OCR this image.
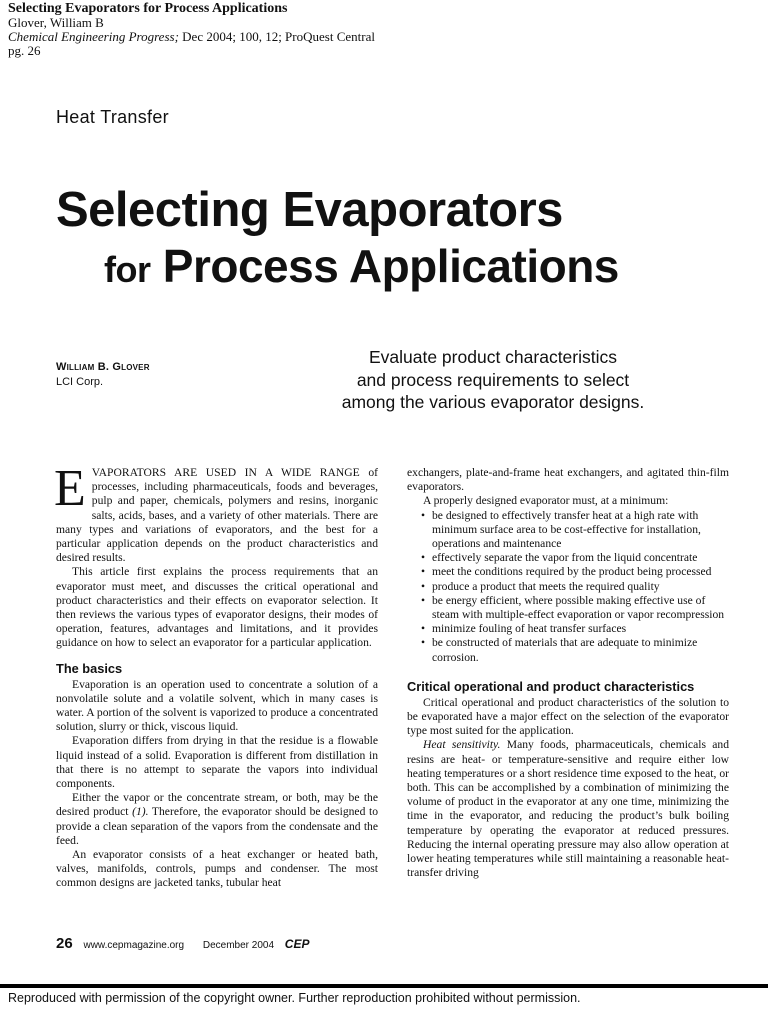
Selecting Evaporators for Process Applications
Glover, William B
Chemical Engineering Progress; Dec 2004; 100, 12; ProQuest Central
pg. 26
Heat Transfer
Selecting Evaporators
for Process Applications
William B. Glover
LCI Corp.
Evaluate product characteristics
and process requirements to select
among the various evaporator designs.

EVAPORATORS ARE USED IN A WIDE RANGE of processes, including pharmaceuticals, foods and beverages, pulp and paper, chemicals, polymers and resins, inorganic salts, acids, bases, and a variety of other materials. There are many types and variations of evaporators, and the best for a particular application depends on the product characteristics and desired results.

This article first explains the process requirements that an evaporator must meet, and discusses the critical operational and product characteristics and their effects on evaporator selection. It then reviews the various types of evaporator designs, their modes of operation, features, advantages and limitations, and it provides guidance on how to select an evaporator for a particular application.

The basics

Evaporation is an operation used to concentrate a solution of a nonvolatile solute and a volatile solvent, which in many cases is water. A portion of the solvent is vaporized to produce a concentrated solution, slurry or thick, viscous liquid.

Evaporation differs from drying in that the residue is a flowable liquid instead of a solid. Evaporation is different from distillation in that there is no attempt to separate the vapors into individual components.

Either the vapor or the concentrate stream, or both, may be the desired product (1). Therefore, the evaporator should be designed to provide a clean separation of the vapors from the condensate and the feed.

An evaporator consists of a heat exchanger or heated bath, valves, manifolds, controls, pumps and condenser. The most common designs are jacketed tanks, tubular heat

exchangers, plate-and-frame heat exchangers, and agitated thin-film evaporators.

A properly designed evaporator must, at a minimum:

• be designed to effectively transfer heat at a high rate with minimum surface area to be cost-effective for installation, operations and maintenance
• effectively separate the vapor from the liquid concentrate
• meet the conditions required by the product being processed
• produce a product that meets the required quality
• be energy efficient, where possible making effective use of steam with multiple-effect evaporation or vapor recompression
• minimize fouling of heat transfer surfaces
• be constructed of materials that are adequate to minimize corrosion.
Critical operational and product characteristics

Critical operational and product characteristics of the solution to be evaporated have a major effect on the selection of the evaporator type most suited for the application.

Heat sensitivity. Many foods, pharmaceuticals, chemicals and resins are heat- or temperature-sensitive and require either low heating temperatures or a short residence time exposed to the heat, or both. This can be accomplished by a combination of minimizing the volume of product in the evaporator at any one time, minimizing the time in the evaporator, and reducing the product’s bulk boiling temperature by operating the evaporator at reduced pressures. Reducing the internal operating pressure may also allow operation at lower heating temperatures while still maintaining a reasonable heat-transfer driving

26 www.cepmagazine.org December 2004 CEP
Reproduced with permission of the copyright owner. Further reproduction prohibited without permission.
